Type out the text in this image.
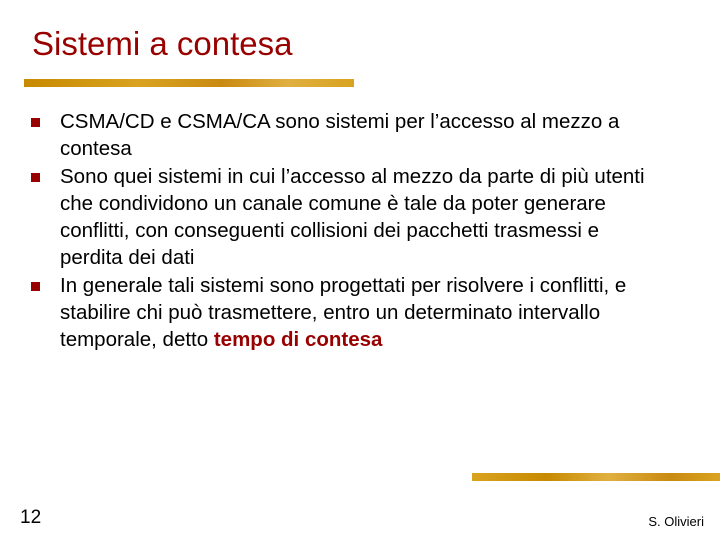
Sistemi a contesa
CSMA/CD e CSMA/CA sono sistemi per l’accesso al mezzo a contesa
Sono quei sistemi in cui l’accesso al mezzo da parte di più utenti che condividono un canale comune è tale da poter generare conflitti, con conseguenti collisioni dei pacchetti trasmessi e perdita dei dati
In generale tali sistemi sono progettati per risolvere i conflitti, e stabilire chi può trasmettere, entro un determinato intervallo temporale, detto tempo di contesa
12	S. Olivieri
